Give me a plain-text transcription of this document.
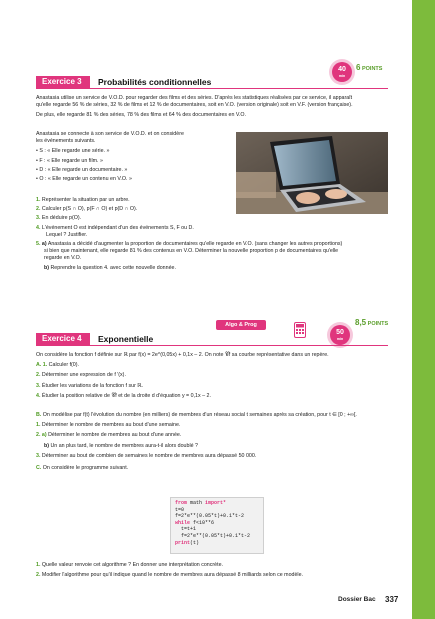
40
min
6 POINTS
Exercice 3	Probabilités conditionnelles
Anastasia utilise un service de V.O.D. pour regarder des films et des séries. D'après les statistiques réalisées par ce service, il apparaît
qu'elle regarde 56 % de séries, 32 % de films et 12 % de documentaires, soit en V.O. (version originale) soit en V.F. (version française).
De plus, elle regarde 81 % des séries, 78 % des films et 64 % des documentaires en V.O.
Anastasia se connecte à son service de V.O.D. et on considère
les événements suivants.
• S : « Elle regarde une série. »
• F : « Elle regarde un film. »
• D : « Elle regarde un documentaire. »
• O : « Elle regarde un contenu en V.O. »
1. Représenter la situation par un arbre.
2. Calculer p(S ∩ O), p(F ∩ O) et p(D ∩ O).
3. En déduire p(O).
4. L'événement O est indépendant d'un des événements S, F ou D.
Lequel ? Justifier.
5. a) Anastasia a décidé d'augmenter la proportion de documentaires qu'elle regarde en V.O. (sans changer les autres proportions)
si bien que maintenant, elle regarde 81 % des contenus en V.O. Déterminer la nouvelle proportion p de documentaires qu'elle
regarde en V.O.
b) Reprendre la question 4. avec cette nouvelle donnée.
Algo & Prog
50
min
8,5 POINTS
Exercice 4	Exponentielle
On considère la fonction f définie sur ℝ par f(x) = 2e^(0,05x) + 0,1x – 2. On note 𝒞f sa courbe représentative dans un repère.
A. 1. Calculer f(0).
2. Déterminer une expression de f ′(x).
3. Étudier les variations de la fonction f sur ℝ.
4. Étudier la position relative de 𝒞f et de la droite d d'équation y = 0,1x – 2.
B. On modélise par f(t) l'évolution du nombre (en milliers) de membres d'un réseau social t semaines après sa création, pour t ∈ [0 ; +∞[.
1. Déterminer le nombre de membres au bout d'une semaine.
2. a) Déterminer le nombre de membres au bout d'une année.
b) Un an plus tard, le nombre de membres aura-t-il alors doublé ?
3. Déterminer au bout de combien de semaines le nombre de membres aura dépassé 50 000.
C. On considère le programme suivant.
from math import*
t=0
f=2*e**(0.05*t)+0.1*t-2
while f<10**6
t=t+1
f=2*e**(0.05*t)+0.1*t-2
print(t)
1. Quelle valeur renvoie cet algorithme ? En donner une interprétation concrète.
2. Modifier l'algorithme pour qu'il indique quand le nombre de membres aura dépassé 8 milliards selon ce modèle.
Dossier Bac 337
